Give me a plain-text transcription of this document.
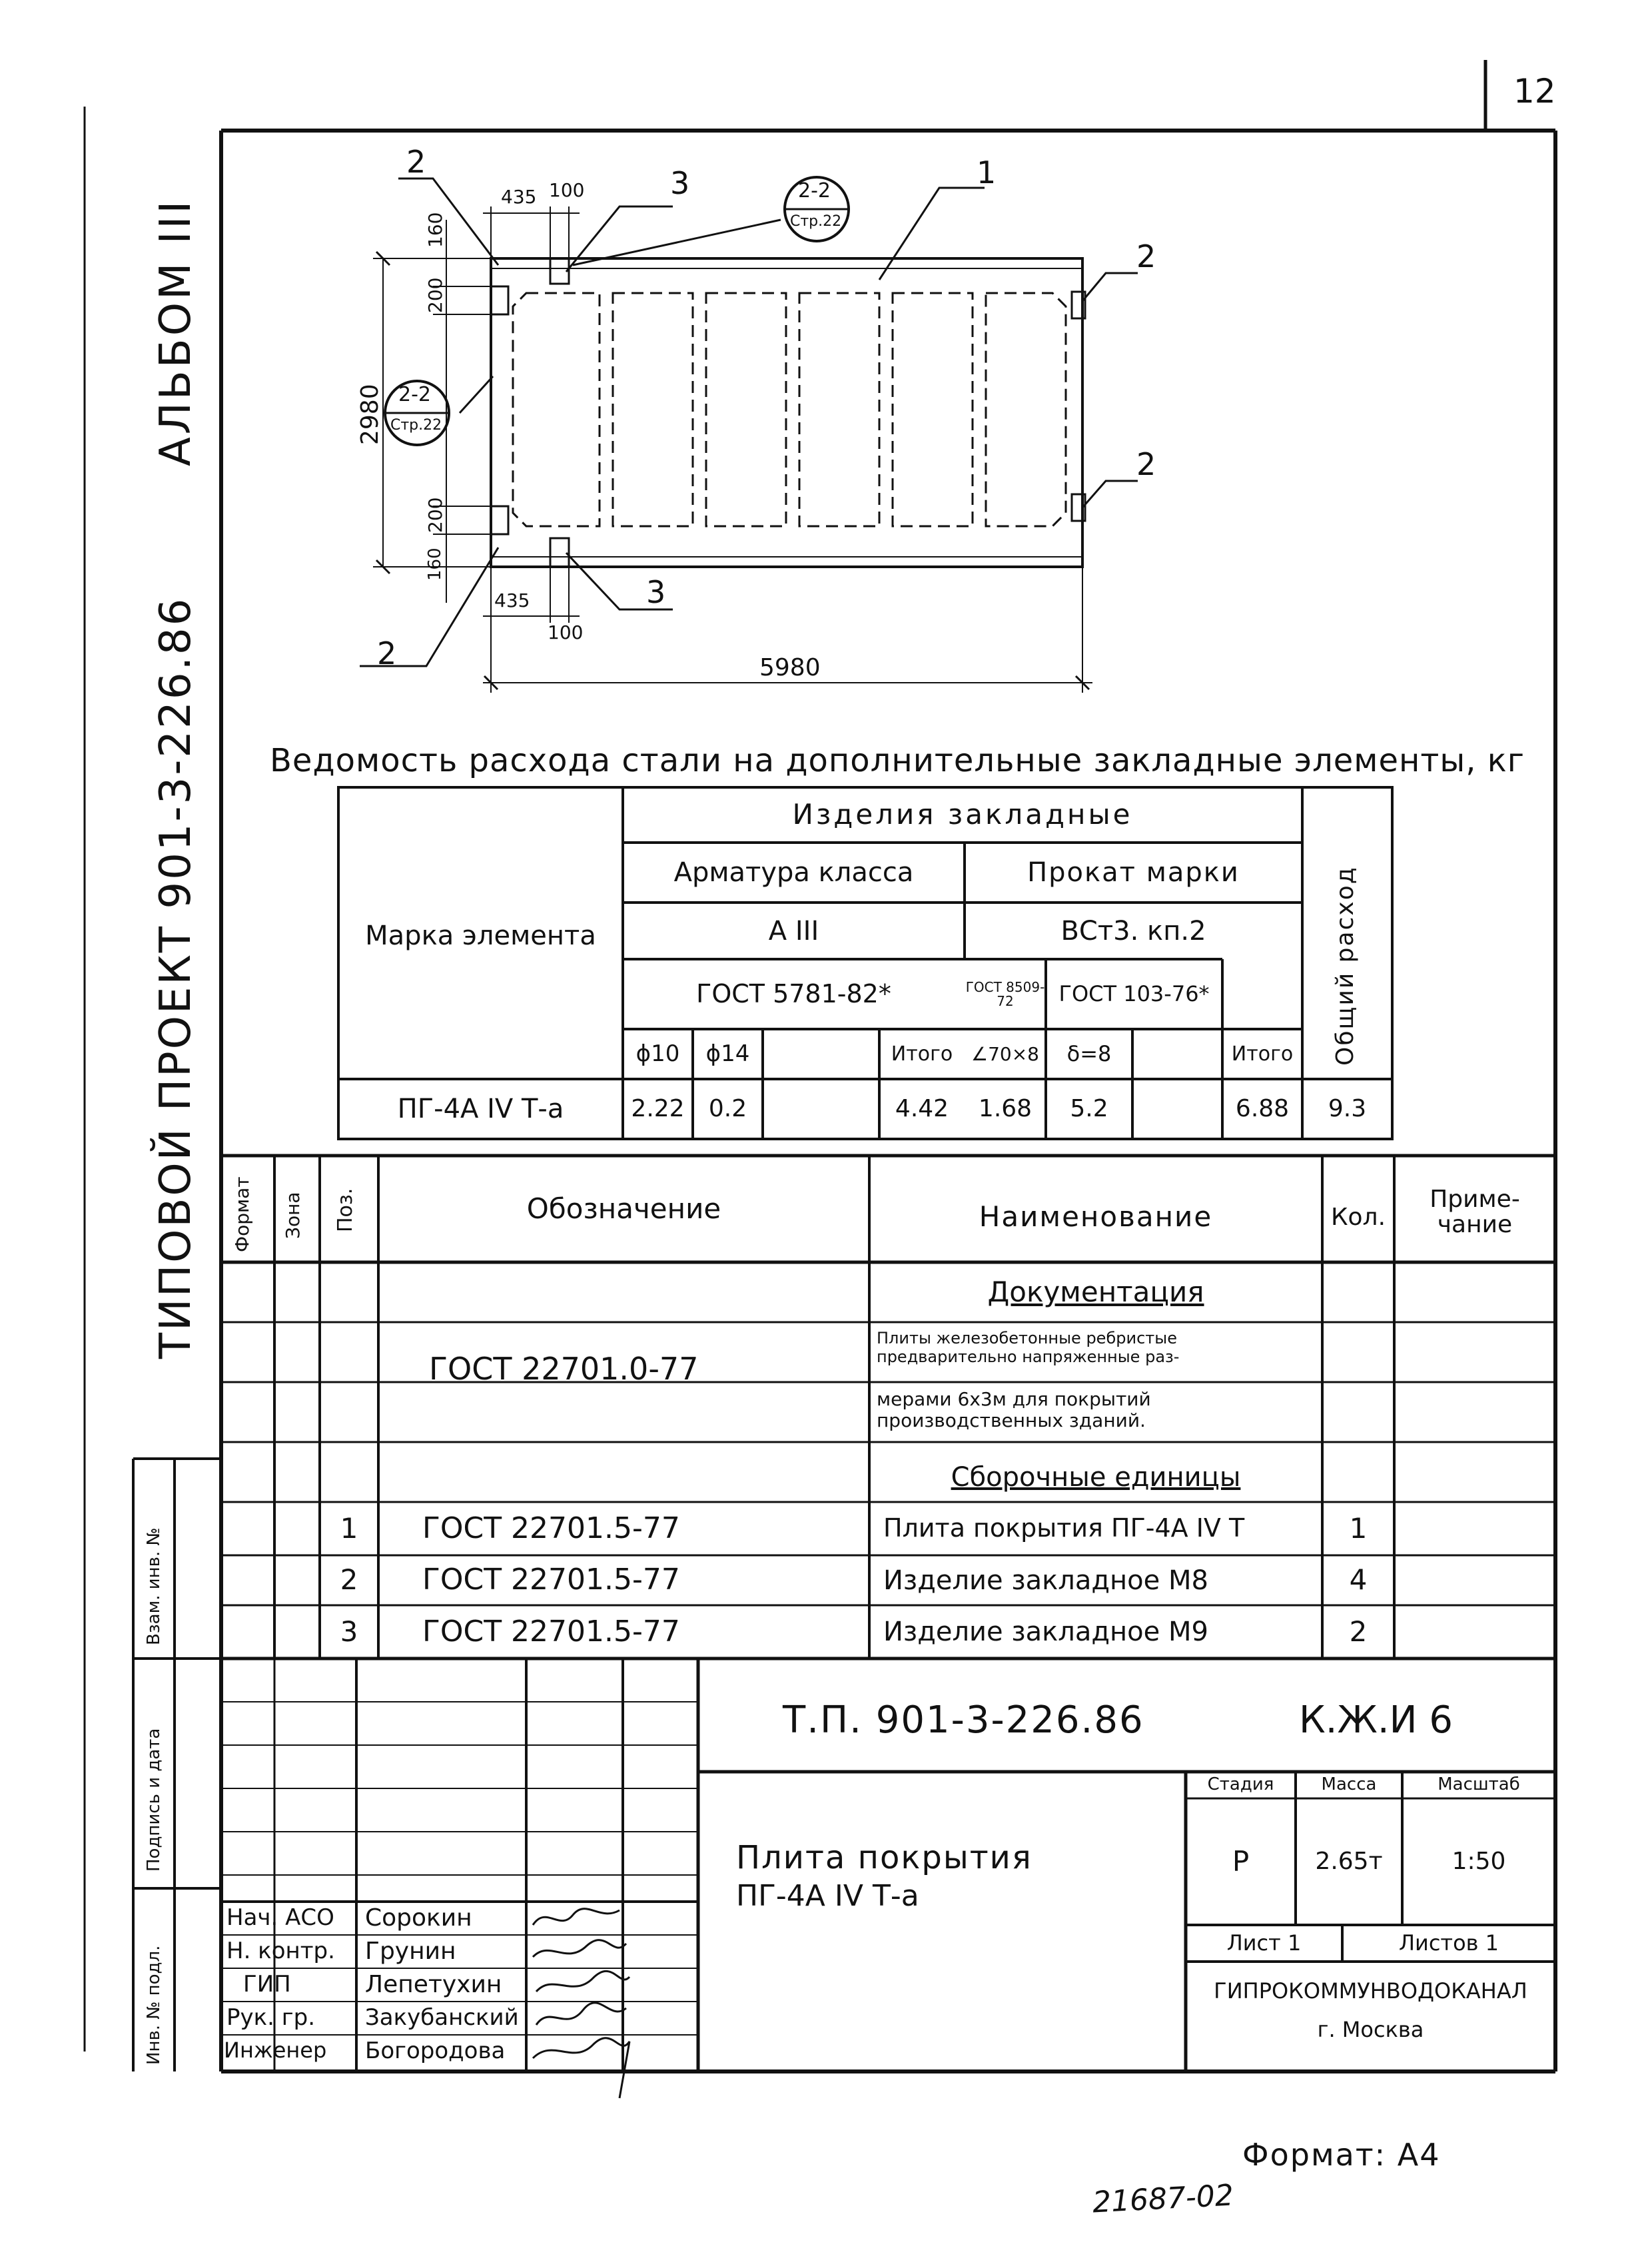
12
АЛЬБОМ III
ТИПОВОЙ ПРОЕКТ 901-3-226.86
435 100
160
200
2980
200
160
435
100
5980
2
3	1
2
2
3
2
2-2
Стр.22
2-2
Стр.22
Ведомость расхода стали на дополнительные закладные элементы, кг
Марка элемента
Изделия закладные
Арматура класса	Прокат марки
А III	ВСт3. кп.2
ГОСТ 5781-82*	ГОСТ 8509-72	ГОСТ 103-76*	Общий расход
ϕ10	ϕ14	Итого ∠70×8	δ=8	Итого
ПГ-4А IV Т-а	2.22	0.2	4.42	1.68	5.2	6.88	9.3
Формат Зона Поз.	Обозначение	Наименование	Кол.
Приме-чание
Документация
ГОСТ 22701.0-77
Плиты железобетонные ребристые предварительно напряженные раз-
мерами 6х3м для покрытий производственных зданий.
Сборочные единицы
1	ГОСТ 22701.5-77	Плита покрытия ПГ-4А IV Т	1
2	ГОСТ 22701.5-77	Изделие закладное М8	4
3	ГОСТ 22701.5-77	Изделие закладное М9	2
Взам. инв. №
Подпись и дата
Инв. № подл.
Т.П. 901-3-226.86	К.Ж.И 6
Плита покрытия
ПГ-4А IV Т-а
Стадия	Масса	Масштаб
Р	2.65т	1:50
Лист 1	Листов 1
ГИПРОКОММУНВОДОКАНАЛ
г. Москва
Нач. АСО Сорокин
Н. контр. Грунин
ГИП	Лепетухин
Рук. гр. Закубанский
Инженер Богородова
21687-02
Формат: А4
